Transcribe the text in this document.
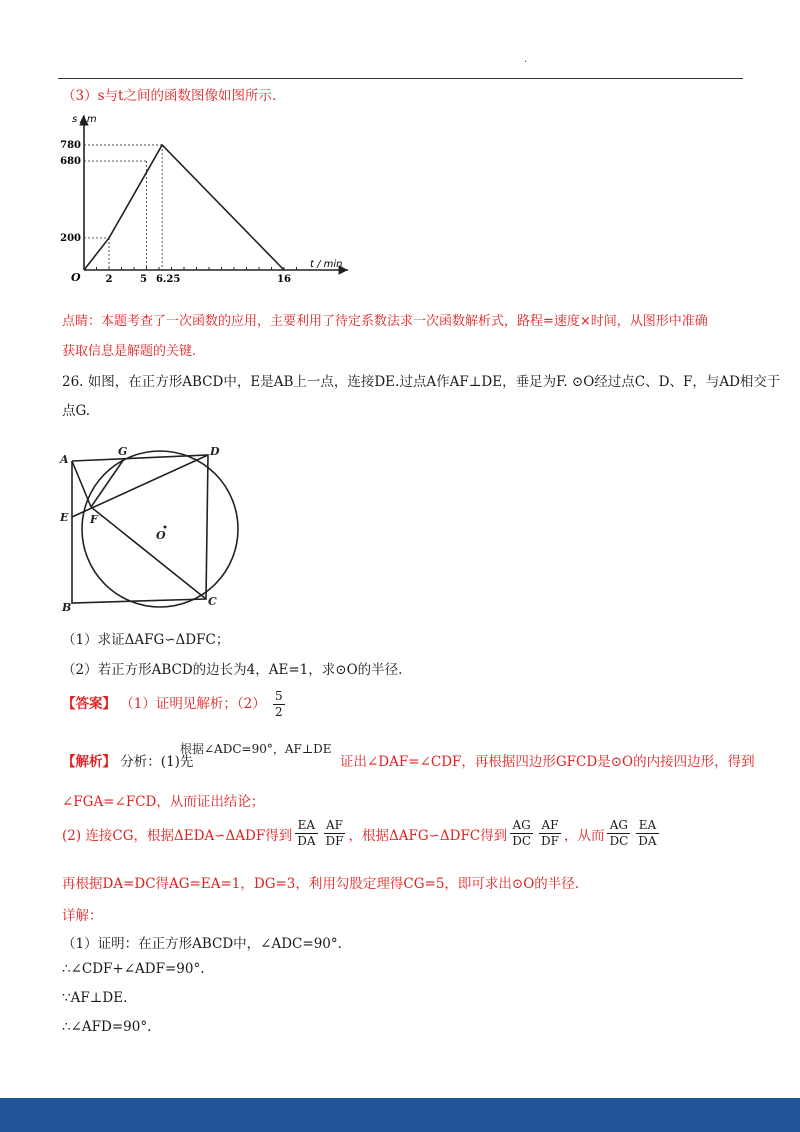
.
（3）s与t之间的函数图像如图所示.
780
680
200
2	5 6.25	16
s / m
t / min
O
点睛：本题考查了一次函数的应用，主要利用了待定系数法求一次函数解析式，路程=速度×时间，从图形中准确
获取信息是解题的关键.
26. 如图，在正方形ABCD中，E是AB上一点，连接DE.过点A作AF⊥DE，垂足为F. ⊙O经过点C、D、F，与AD相交于
点G.
A
G	D
E F
O
B	C
（1）求证ΔAFG∽ΔDFC；
（2）若正方形ABCD的边长为4，AE=1，求⊙O的半径.
【答案】 （1）证明见解析；$(2) \frac{5}{2}$
【解析】 分析：(1)先
根据∠ADC=90°，AF⊥DE
证出∠DAF=∠CDF，再根据四边形GFCD是⊙O的内接四边形，得到
∠FGA=∠FCD，从而证出结论；
(2) 连接CG，根据ΔEDA∽ΔADF得到 $\frac{EA}{DA} \frac{AF}{DF}$ ，根据ΔAFG∽ΔDFC得到 $\frac{AG}{DC} \frac{AF}{DF}$ ，从而 $\frac{AG}{DC} \frac{EA}{DA}$
再根据DA=DC得AG=EA=1，DG=3，利用勾股定理得CG=5，即可求出⊙O的半径.
详解：
（1）证明：在正方形ABCD中，∠ADC=90°.
∴∠CDF+∠ADF=90°.
∵AF⊥DE.
∴∠AFD=90°.
